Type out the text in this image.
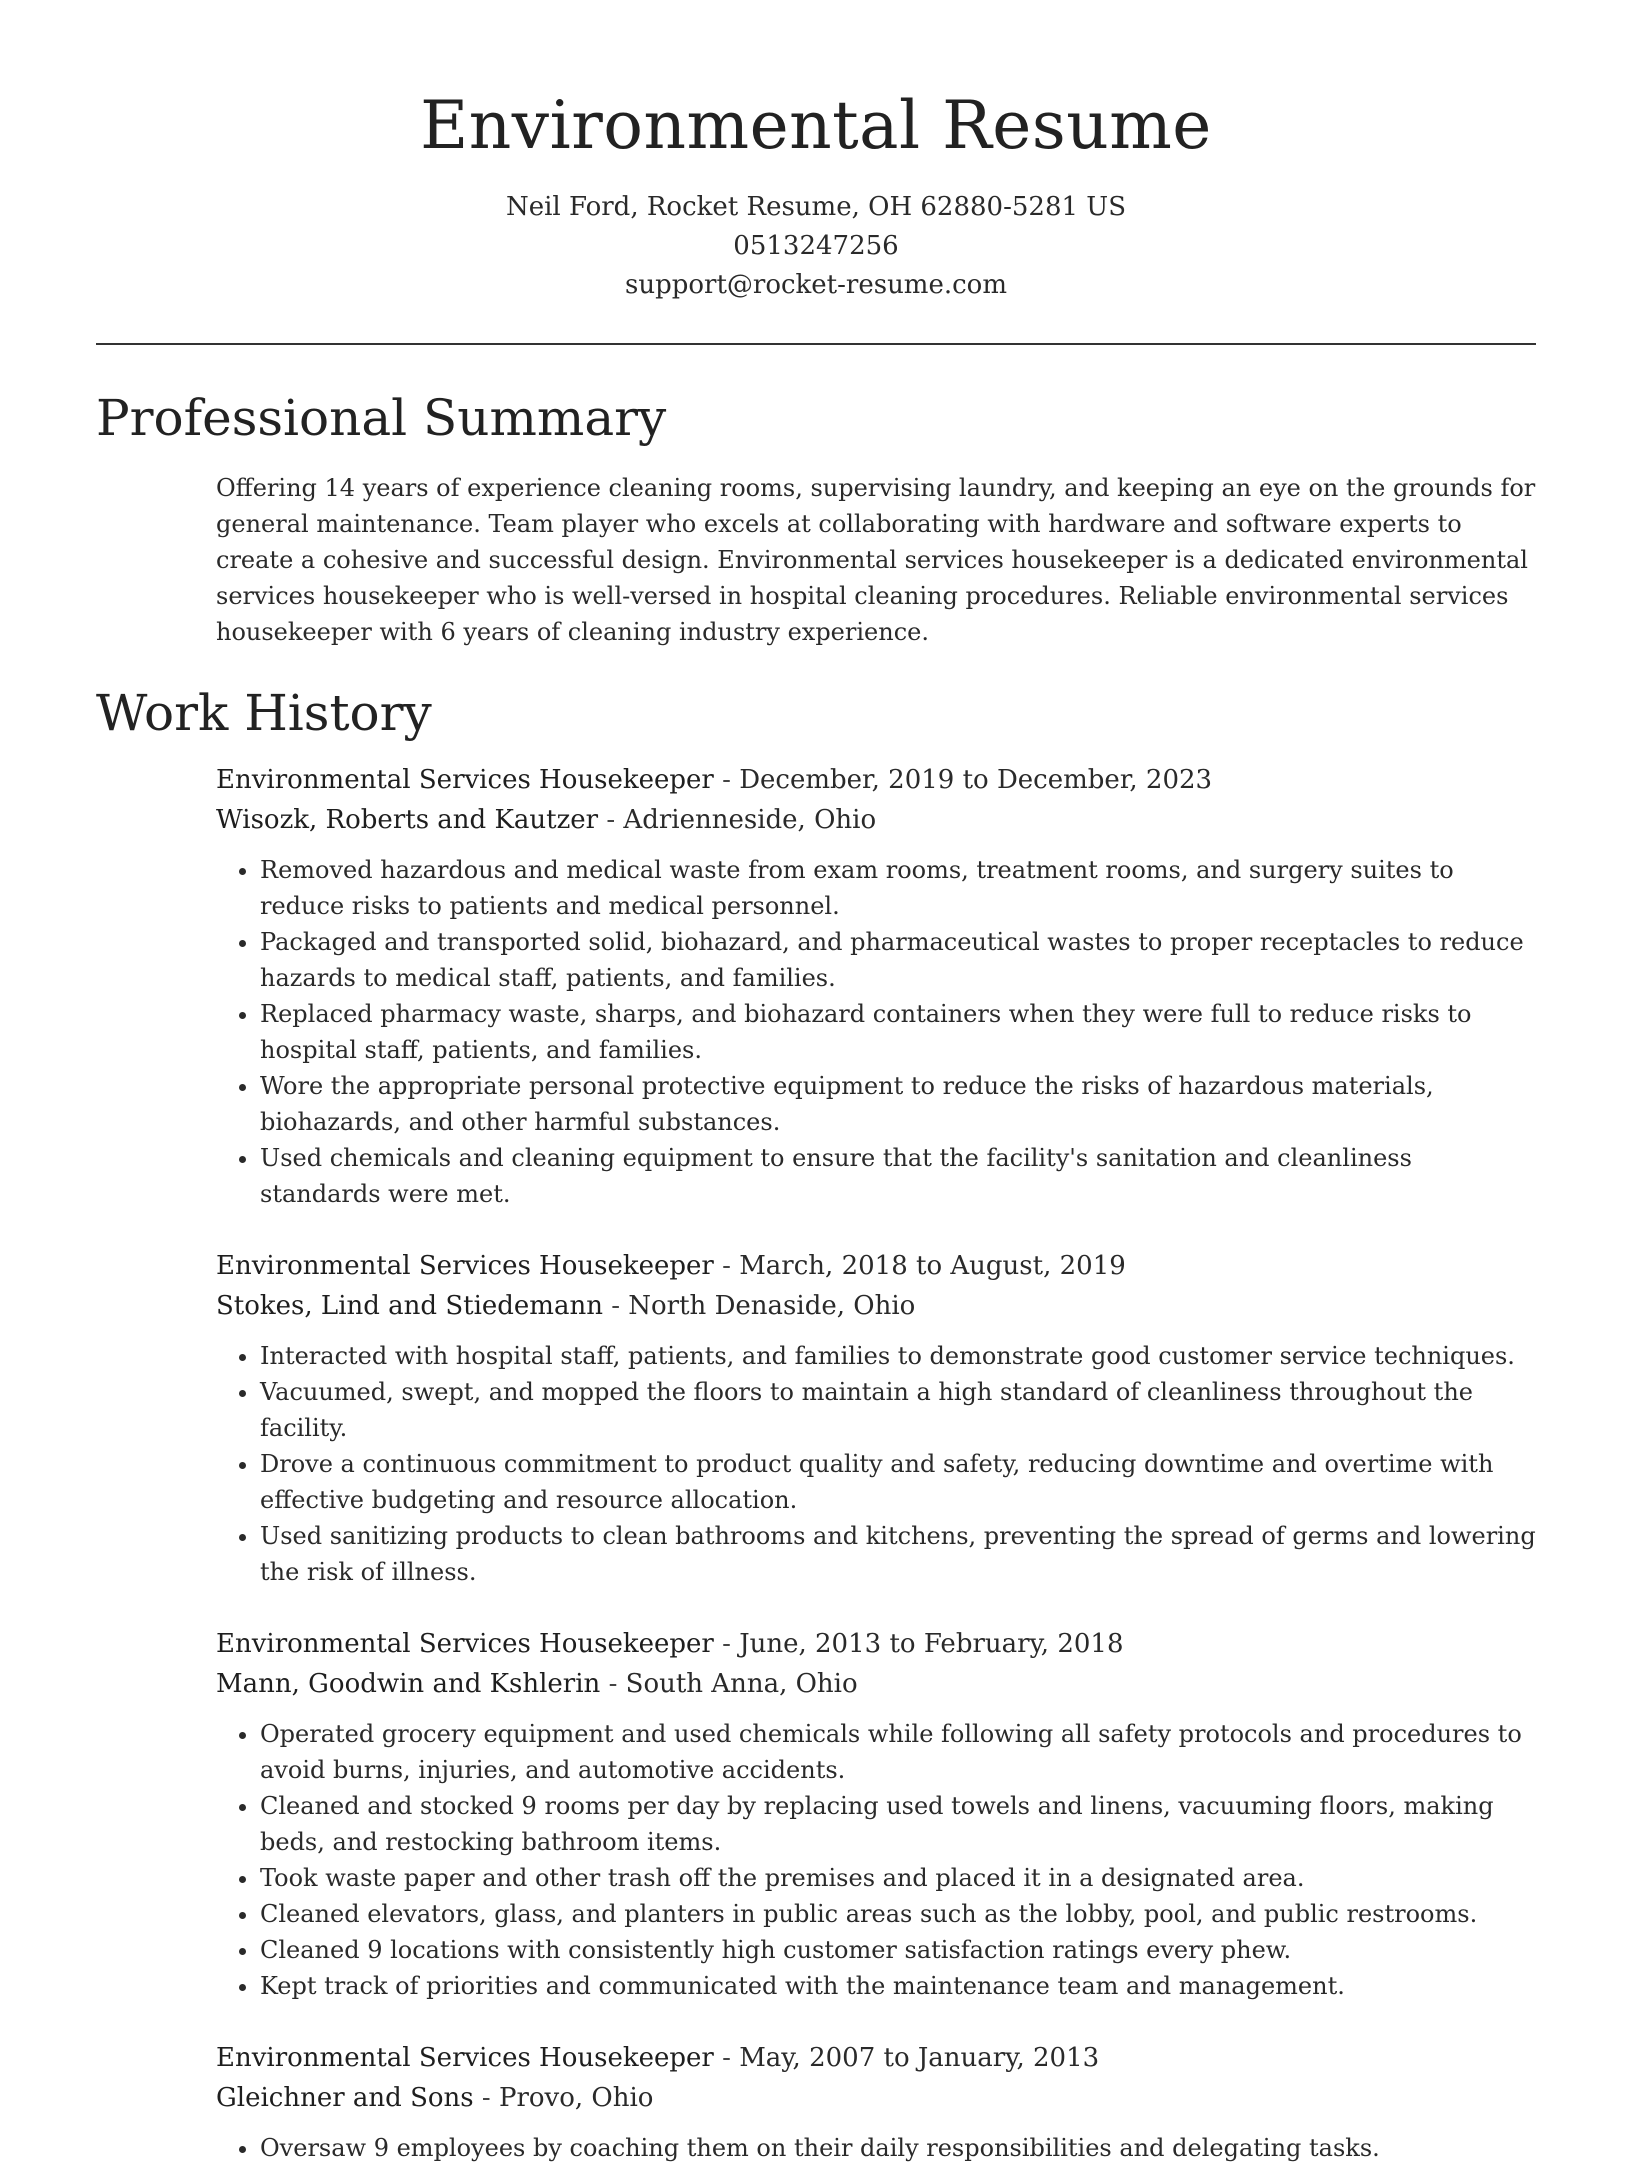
Environmental Resume
Neil Ford, Rocket Resume, OH 62880-5281 US
0513247256
support@rocket-resume.com
Professional Summary

Offering 14 years of experience cleaning rooms, supervising laundry, and keeping an eye on the grounds for general maintenance. Team player who excels at collaborating with hardware and software experts to create a cohesive and successful design. Environmental services housekeeper is a dedicated environmental services housekeeper who is well-versed in hospital cleaning procedures. Reliable environmental services housekeeper with 6 years of cleaning industry experience.

Work History
Environmental Services Housekeeper - December, 2019 to December, 2023
Wisozk, Roberts and Kautzer - Adrienneside, Ohio
• Removed hazardous and medical waste from exam rooms, treatment rooms, and surgery suites to reduce risks to patients and medical personnel.
• Packaged and transported solid, biohazard, and pharmaceutical wastes to proper receptacles to reduce hazards to medical staff, patients, and families.
• Replaced pharmacy waste, sharps, and biohazard containers when they were full to reduce risks to hospital staff, patients, and families.
• Wore the appropriate personal protective equipment to reduce the risks of hazardous materials, biohazards, and other harmful substances.
• Used chemicals and cleaning equipment to ensure that the facility's sanitation and cleanliness standards were met.
Environmental Services Housekeeper - March, 2018 to August, 2019
Stokes, Lind and Stiedemann - North Denaside, Ohio
• Interacted with hospital staff, patients, and families to demonstrate good customer service techniques.
• Vacuumed, swept, and mopped the floors to maintain a high standard of cleanliness throughout the facility.
• Drove a continuous commitment to product quality and safety, reducing downtime and overtime with effective budgeting and resource allocation.
• Used sanitizing products to clean bathrooms and kitchens, preventing the spread of germs and lowering the risk of illness.
Environmental Services Housekeeper - June, 2013 to February, 2018
Mann, Goodwin and Kshlerin - South Anna, Ohio
• Operated grocery equipment and used chemicals while following all safety protocols and procedures to avoid burns, injuries, and automotive accidents.
• Cleaned and stocked 9 rooms per day by replacing used towels and linens, vacuuming floors, making beds, and restocking bathroom items.
• Took waste paper and other trash off the premises and placed it in a designated area.
• Cleaned elevators, glass, and planters in public areas such as the lobby, pool, and public restrooms.
• Cleaned 9 locations with consistently high customer satisfaction ratings every phew.
• Kept track of priorities and communicated with the maintenance team and management.
Environmental Services Housekeeper - May, 2007 to January, 2013
Gleichner and Sons - Provo, Ohio
• Oversaw 9 employees by coaching them on their daily responsibilities and delegating tasks.
